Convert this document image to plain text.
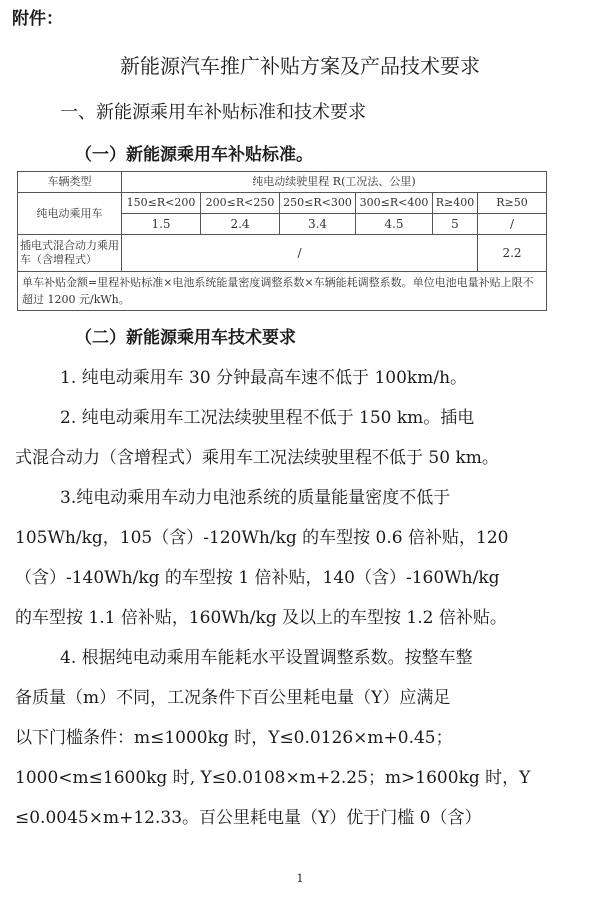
附件：
新能源汽车推广补贴方案及产品技术要求
一、新能源乘用车补贴标准和技术要求
（一）新能源乘用车补贴标准。
车辆类型	纯电动续驶里程 R(工况法、公里)					
纯电动乘用车	150≤R<200	200≤R<250	250≤R<300	300≤R<400	R≥400	R≥50
	1.5	2.4	3.4	4.5	5	/
插电式混合动力乘用车（含增程式）	/					2.2
单车补贴金额=里程补贴标准×电池系统能量密度调整系数×车辆能耗调整系数。单位电池电量补贴上限不超过 1200 元/kWh。						
（二）新能源乘用车技术要求

1. 纯电动乘用车 30 分钟最高车速不低于 100km/h。

2. 纯电动乘用车工况法续驶里程不低于 150 km。插电

式混合动力（含增程式）乘用车工况法续驶里程不低于 50 km。

3.纯电动乘用车动力电池系统的质量能量密度不低于

105Wh/kg，105（含）-120Wh/kg 的车型按 0.6 倍补贴，120

（含）-140Wh/kg 的车型按 1 倍补贴，140（含）-160Wh/kg

的车型按 1.1 倍补贴，160Wh/kg 及以上的车型按 1.2 倍补贴。

4. 根据纯电动乘用车能耗水平设置调整系数。按整车整

备质量（m）不同，工况条件下百公里耗电量（Y）应满足

以下门槛条件：m≤1000kg 时，Y≤0.0126×m+0.45；

1000<m≤1600kg 时, Y≤0.0108×m+2.25；m>1600kg 时，Y

≤0.0045×m+12.33。百公里耗电量（Y）优于门槛 0（含）

1
